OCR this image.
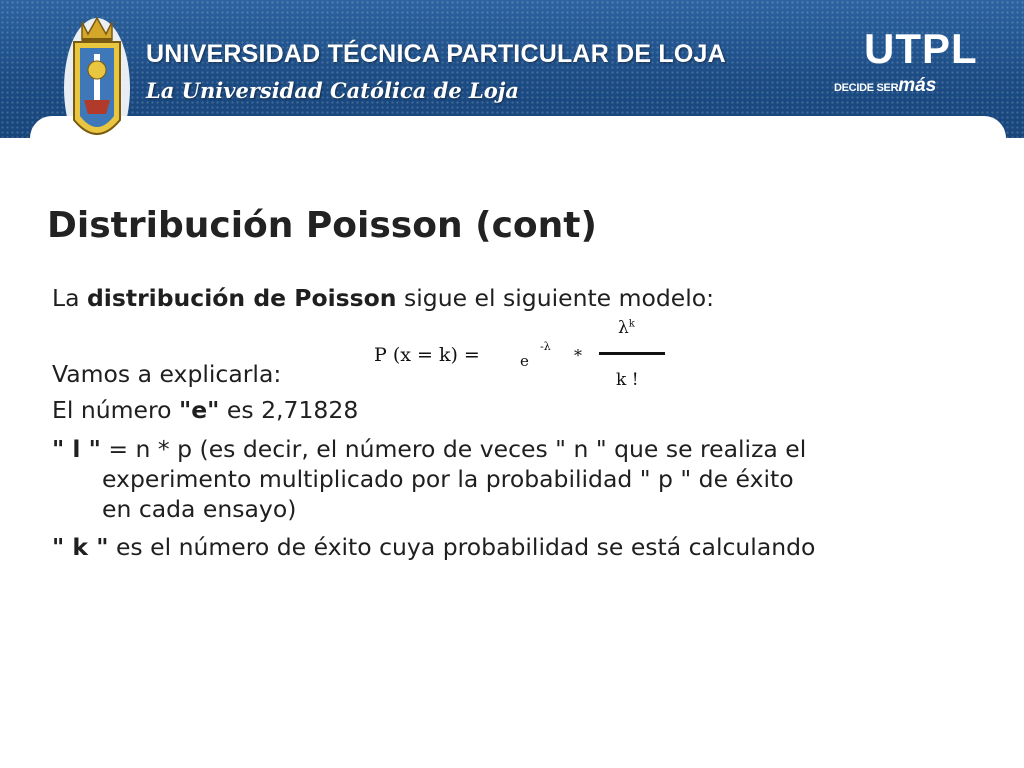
UNIVERSIDAD TÉCNICA PARTICULAR DE LOJA
La Universidad Católica de Loja
UTPL
DECIDE SERmás
Distribución Poisson (cont)

La distribución de Poisson sigue el siguiente modelo:

Vamos a explicarla:

El número "e" es 2,71828

" l " = n * p (es decir, el número de veces " n " que se realiza el

experimento multiplicado por la probabilidad " p " de éxito

en cada ensayo)

" k " es el número de éxito cuya probabilidad se está calculando

P (x = k) =	e
-λ *
$\lambda^k$
k !
